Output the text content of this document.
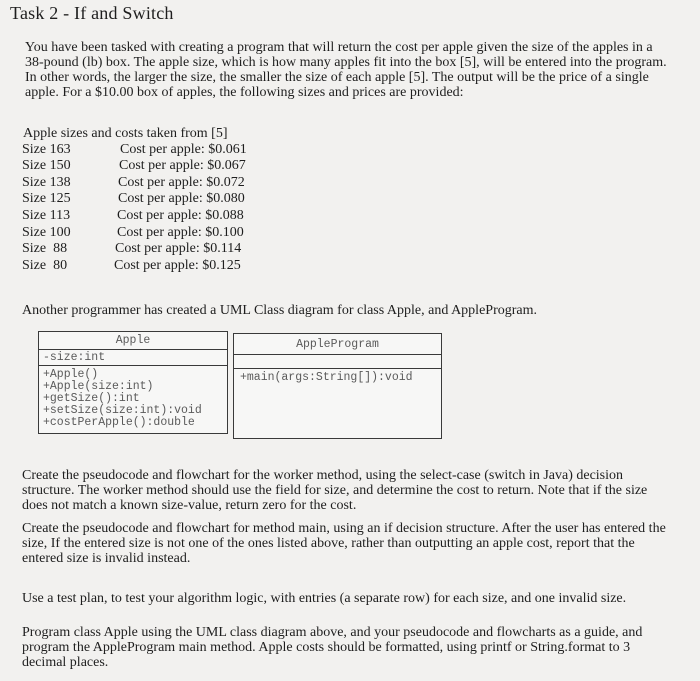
Task 2 - If and Switch
You have been tasked with creating a program that will return the cost per apple given the size of the apples in a 38-pound (lb) box. The apple size, which is how many apples fit into the box [5], will be entered into the program. In other words, the larger the size, the smaller the size of each apple [5]. The output will be the price of a single apple. For a $10.00 box of apples, the following sizes and prices are provided:
Apple sizes and costs taken from [5]
Size 163	Cost per apple: $0.061
Size 150	Cost per apple: $0.067
Size 138	Cost per apple: $0.072
Size 125	Cost per apple: $0.080
Size 113	Cost per apple: $0.088
Size 100	Cost per apple: $0.100
Size  88	Cost per apple: $0.114
Size  80	Cost per apple: $0.125
Another programmer has created a UML Class diagram for class Apple, and AppleProgram.
Apple
-size:int
+Apple()
+Apple(size:int)
+getSize():int
+setSize(size:int):void
+costPerApple():double
AppleProgram
+main(args:String[]):void
Create the pseudocode and flowchart for the worker method, using the select-case (switch in Java) decision structure. The worker method should use the field for size, and determine the cost to return. Note that if the size does not match a known size-value, return zero for the cost.
Create the pseudocode and flowchart for method main, using an if decision structure. After the user has entered the size, If the entered size is not one of the ones listed above, rather than outputting an apple cost, report that the entered size is invalid instead.
Use a test plan, to test your algorithm logic, with entries (a separate row) for each size, and one invalid size.
Program class Apple using the UML class diagram above, and your pseudocode and flowcharts as a guide, and program the AppleProgram main method. Apple costs should be formatted, using printf or String.format to 3 decimal places.
